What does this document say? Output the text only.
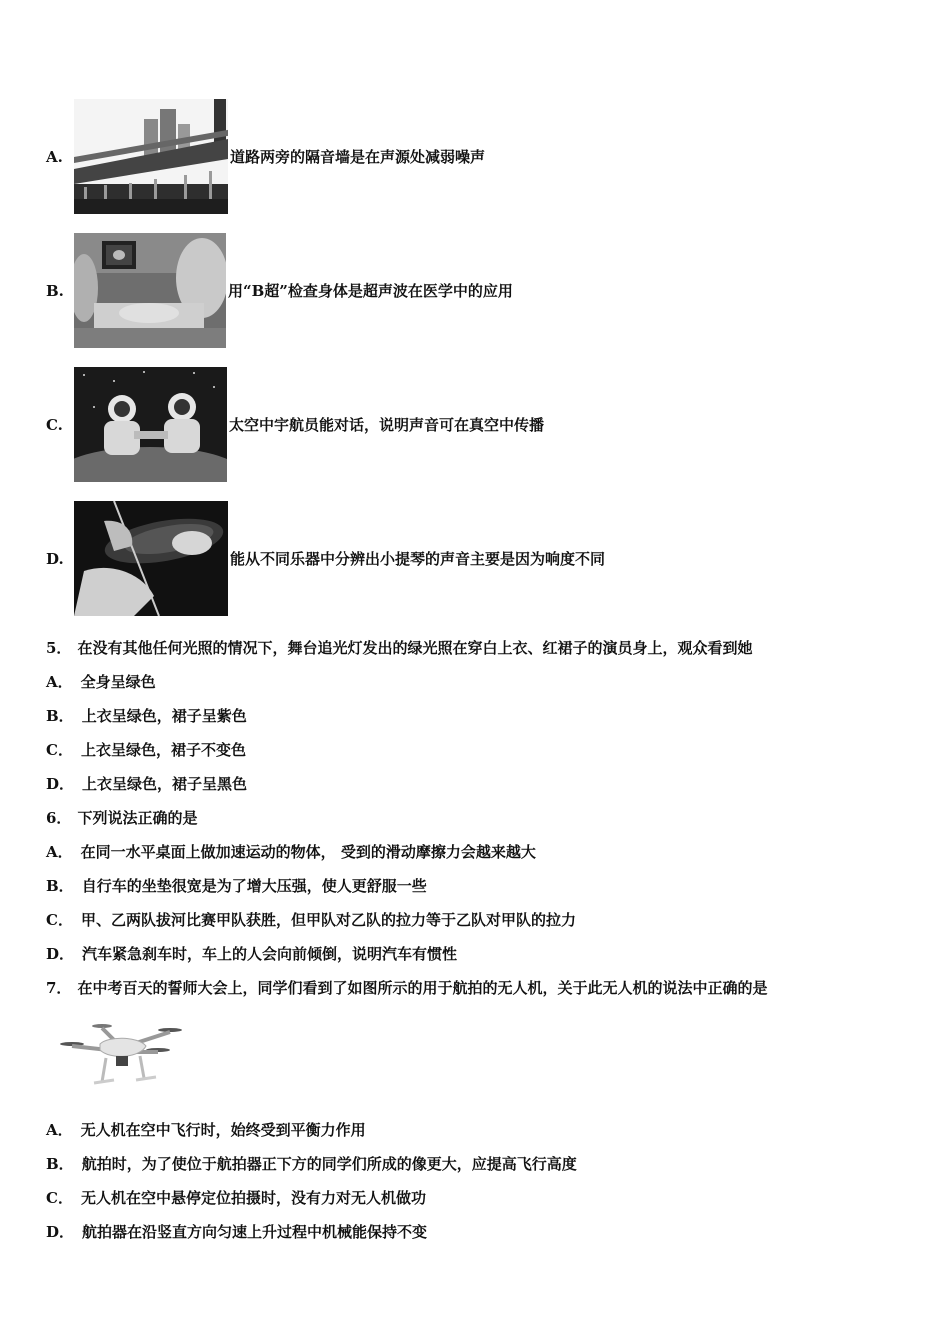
A.	道路两旁的隔音墙是在声源处减弱噪声
B.	用“B超”检查身体是超声波在医学中的应用
C.	太空中宇航员能对话，说明声音可在真空中传播
D.	能从不同乐器中分辨出小提琴的声音主要是因为响度不同
5． 在没有其他任何光照的情况下，舞台追光灯发出的绿光照在穿白上衣、红裙子的演员身上，观众看到她
A． 全身呈绿色
B． 上衣呈绿色，裙子呈紫色
C． 上衣呈绿色，裙子不变色
D． 上衣呈绿色，裙子呈黑色
6． 下列说法正确的是
A． 在同一水平桌面上做加速运动的物体， 受到的滑动摩擦力会越来越大
B． 自行车的坐垫很宽是为了增大压强，使人更舒服一些
C． 甲、乙两队拔河比赛甲队获胜，但甲队对乙队的拉力等于乙队对甲队的拉力
D． 汽车紧急刹车时，车上的人会向前倾倒，说明汽车有惯性
7． 在中考百天的誓师大会上，同学们看到了如图所示的用于航拍的无人机，关于此无人机的说法中正确的是
A． 无人机在空中飞行时，始终受到平衡力作用
B． 航拍时，为了使位于航拍器正下方的同学们所成的像更大，应提高飞行高度
C． 无人机在空中悬停定位拍摄时，没有力对无人机做功
D． 航拍器在沿竖直方向匀速上升过程中机械能保持不变
